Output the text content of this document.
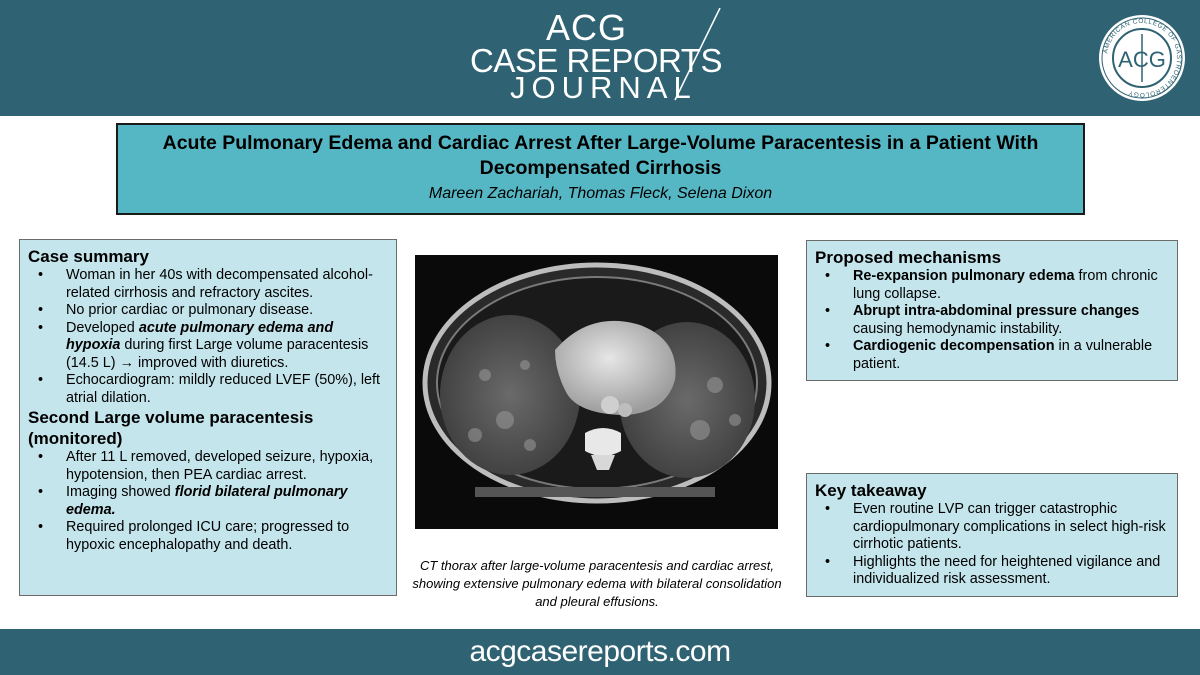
ACG
CASE REPORTS
JOURNAL
AMERICAN COLLEGE OF GASTROENTEROLOGY
ACG
Acute Pulmonary Edema and Cardiac Arrest After Large-Volume Paracentesis in a Patient With Decompensated Cirrhosis
Mareen Zachariah, Thomas Fleck, Selena Dixon
Case summary
• Woman in her 40s with decompensated alcohol-related cirrhosis and refractory ascites.
• No prior cardiac or pulmonary disease.
• Developed acute pulmonary edema and hypoxia during first Large volume paracentesis (14.5 L) → improved with diuretics.
• Echocardiogram: mildly reduced LVEF (50%), left atrial dilation.
Second Large volume paracentesis (monitored)
• After 11 L removed, developed seizure, hypoxia, hypotension, then PEA cardiac arrest.
• Imaging showed florid bilateral pulmonary edema.
• Required prolonged ICU care; progressed to hypoxic encephalopathy and death.
CT thorax after large-volume paracentesis and cardiac arrest, showing extensive pulmonary edema with bilateral consolidation and pleural effusions.
Proposed mechanisms
• Re-expansion pulmonary edema from chronic lung collapse.
• Abrupt intra-abdominal pressure changes causing hemodynamic instability.
• Cardiogenic decompensation in a vulnerable patient.
Key takeaway
• Even routine LVP can trigger catastrophic cardiopulmonary complications in select high-risk cirrhotic patients.
• Highlights the need for heightened vigilance and individualized risk assessment.
acgcasereports.com
